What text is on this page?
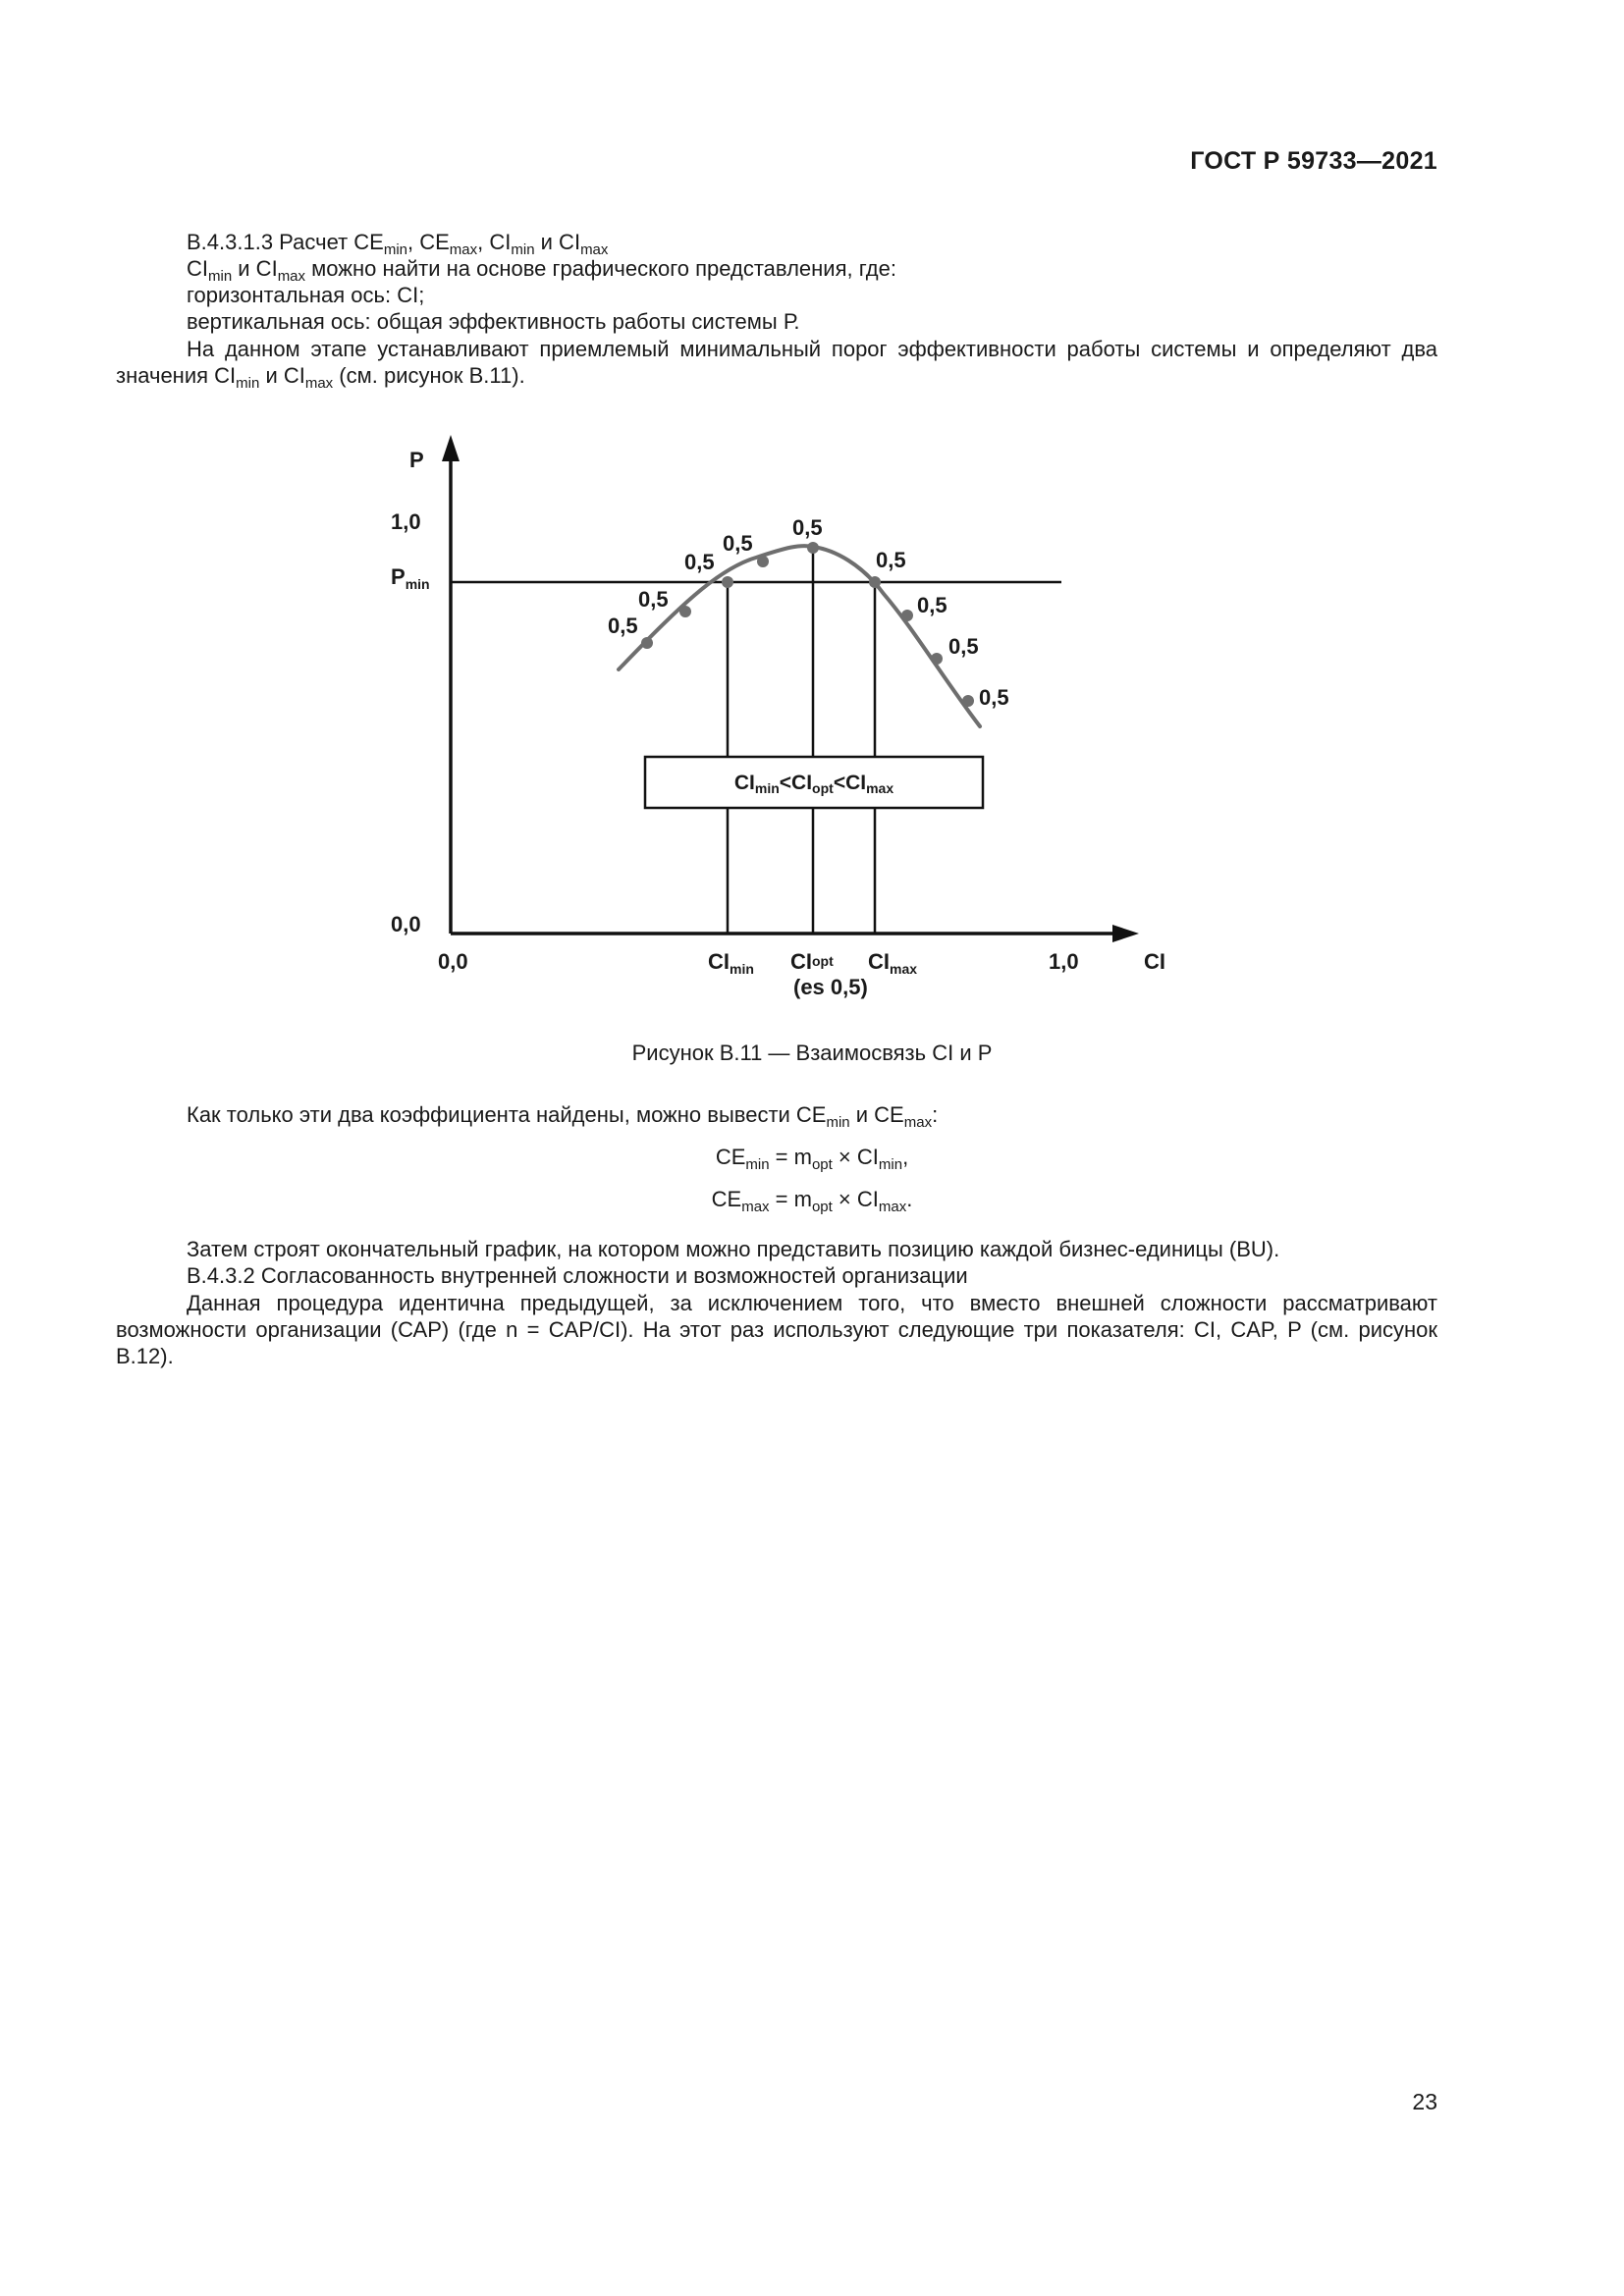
ГОСТ Р 59733—2021
В.4.3.1.3 Расчет $CE_{min}$, $CE_{max}$, $CI_{min}$ и $CI_{max}$
$CI_{min}$ и $CI_{max}$ можно найти на основе графического представления, где:
горизонтальная ось: CI;
вертикальная ось: общая эффективность работы системы Р.
На данном этапе устанавливают приемлемый минимальный порог эффективности работы системы и определяют два значения $CI_{min}$ и $CI_{max}$ (см. рисунок В.11).
CImin<CIopt<CImax
0,5
0,5
0,5
0,5
0,5
0,5
0,5
0,5
0,5
P
1,0
$P_{min}$
0,0
0,0	1,0	CI
$CI_{min}$ CIopt
(es 0,5)
$CI_{max}$
Рисунок В.11 — Взаимосвязь CI и Р
Как только эти два коэффициента найдены, можно вывести $CE_{min}$ и $CE_{max}$:
$CE_{min} = m_{opt} \times CI_{min}$,
$CE_{max} = m_{opt} \times CI_{max}$.
Затем строят окончательный график, на котором можно представить позицию каждой бизнес-единицы (BU).
В.4.3.2 Согласованность внутренней сложности и возможностей организации
Данная процедура идентична предыдущей, за исключением того, что вместо внешней сложности рассматривают возможности организации (САР) (где n = CAP/CI). На этот раз используют следующие три показателя: CI, CAP, P (см. рисунок В.12).
23
